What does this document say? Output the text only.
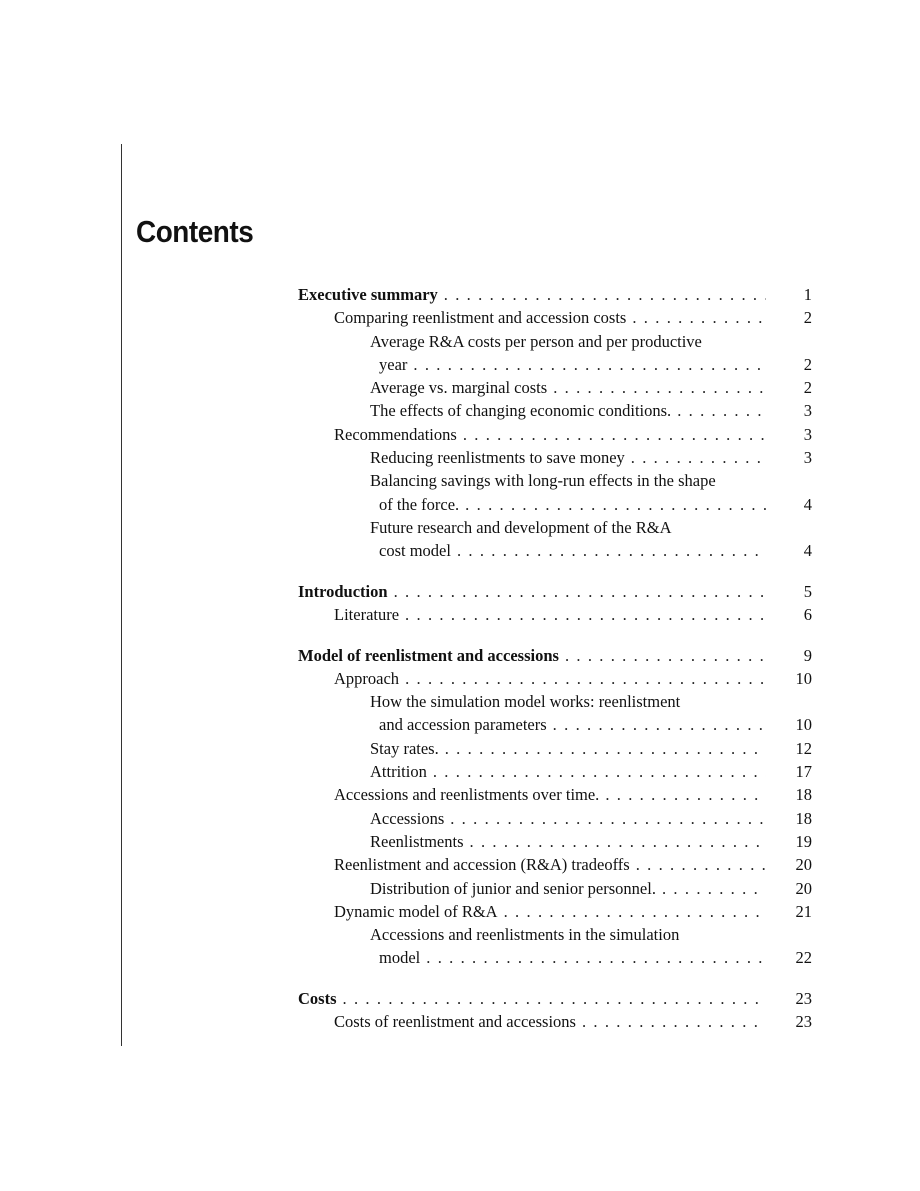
Contents
Executive summary . . .	1
Comparing reenlistment and accession costs . . .	2
Average R&A costs per person and per productive
year . . .	2
Average vs. marginal costs . . .	2
The effects of changing economic conditions. . . .	3
Recommendations . . .	3
Reducing reenlistments to save money . . .	3
Balancing savings with long-run effects in the shape
of the force. . . .	4
Future research and development of the R&A
cost model . . .	4
Introduction . . .	5
Literature . . .	6
Model of reenlistment and accessions . . .	9
Approach . . .	10
How the simulation model works: reenlistment
and accession parameters . . .	10
Stay rates. . . .	12
Attrition . . .	17
Accessions and reenlistments over time. . . .	18
Accessions . . .	18
Reenlistments . . .	19
Reenlistment and accession (R&A) tradeoffs . . .	20
Distribution of junior and senior personnel. . . .	20
Dynamic model of R&A . . .	21
Accessions and reenlistments in the simulation
model . . .	22
Costs . . .	23
Costs of reenlistment and accessions . . .	23
